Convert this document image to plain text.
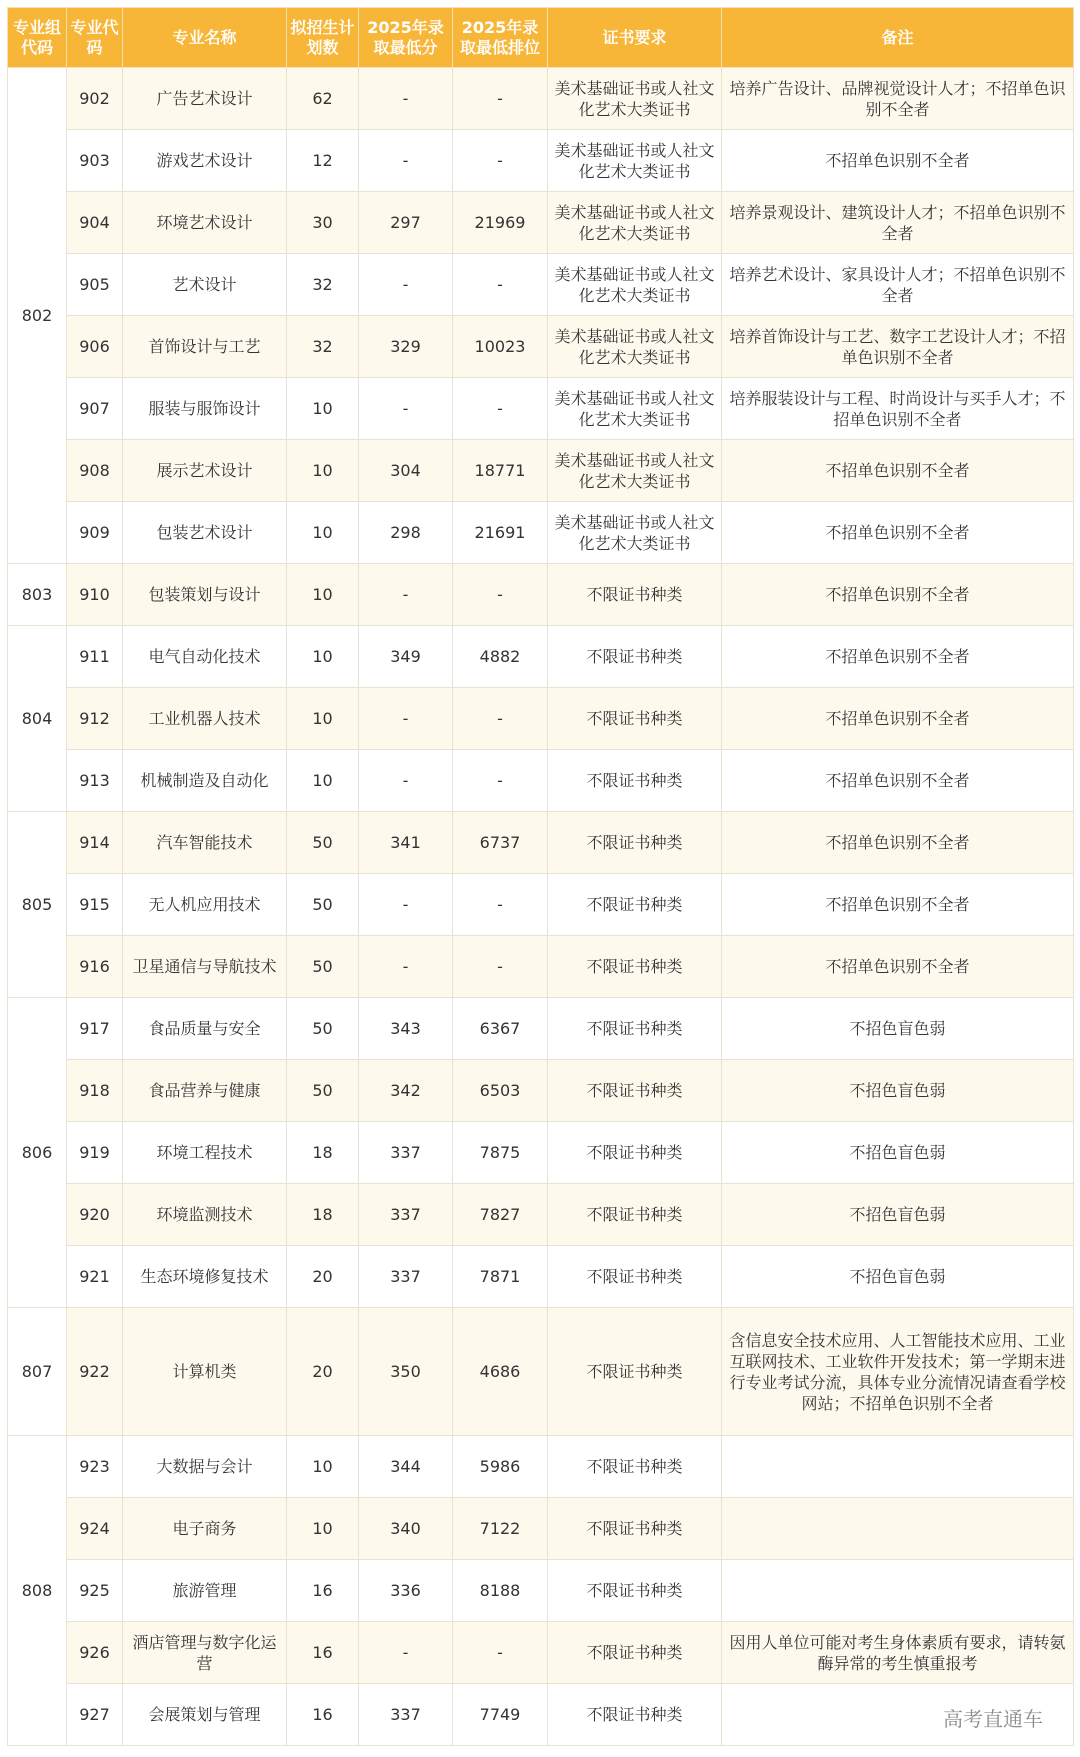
专业组代码	专业代码	专业名称	拟招生计划数	2025年录取最低分	2025年录取最低排位	证书要求	备注
802	902	广告艺术设计	62	-	-	美术基础证书或人社文化艺术大类证书	培养广告设计、品牌视觉设计人才；不招单色识别不全者
	903	游戏艺术设计	12	-	-	美术基础证书或人社文化艺术大类证书	不招单色识别不全者
	904	环境艺术设计	30	297	21969	美术基础证书或人社文化艺术大类证书	培养景观设计、建筑设计人才；不招单色识别不全者
	905	艺术设计	32	-	-	美术基础证书或人社文化艺术大类证书	培养艺术设计、家具设计人才；不招单色识别不全者
	906	首饰设计与工艺	32	329	10023	美术基础证书或人社文化艺术大类证书	培养首饰设计与工艺、数字工艺设计人才；不招单色识别不全者
	907	服装与服饰设计	10	-	-	美术基础证书或人社文化艺术大类证书	培养服装设计与工程、时尚设计与买手人才；不招单色识别不全者
	908	展示艺术设计	10	304	18771	美术基础证书或人社文化艺术大类证书	不招单色识别不全者
	909	包装艺术设计	10	298	21691	美术基础证书或人社文化艺术大类证书	不招单色识别不全者
803	910	包装策划与设计	10	-	-	不限证书种类	不招单色识别不全者
804	911	电气自动化技术	10	349	4882	不限证书种类	不招单色识别不全者
	912	工业机器人技术	10	-	-	不限证书种类	不招单色识别不全者
	913	机械制造及自动化	10	-	-	不限证书种类	不招单色识别不全者
805	914	汽车智能技术	50	341	6737	不限证书种类	不招单色识别不全者
	915	无人机应用技术	50	-	-	不限证书种类	不招单色识别不全者
	916	卫星通信与导航技术	50	-	-	不限证书种类	不招单色识别不全者
806	917	食品质量与安全	50	343	6367	不限证书种类	不招色盲色弱
	918	食品营养与健康	50	342	6503	不限证书种类	不招色盲色弱
	919	环境工程技术	18	337	7875	不限证书种类	不招色盲色弱
	920	环境监测技术	18	337	7827	不限证书种类	不招色盲色弱
	921	生态环境修复技术	20	337	7871	不限证书种类	不招色盲色弱
807	922	计算机类	20	350	4686	不限证书种类	含信息安全技术应用、人工智能技术应用、工业互联网技术、工业软件开发技术；第一学期末进行专业考试分流，具体专业分流情况请查看学校网站；不招单色识别不全者
808	923	大数据与会计	10	344	5986	不限证书种类	
	924	电子商务	10	340	7122	不限证书种类	
	925	旅游管理	16	336	8188	不限证书种类	
	926	酒店管理与数字化运营	16	-	-	不限证书种类	因用人单位可能对考生身体素质有要求，请转氨酶异常的考生慎重报考
	927	会展策划与管理	16	337	7749	不限证书种类		高考直通车
